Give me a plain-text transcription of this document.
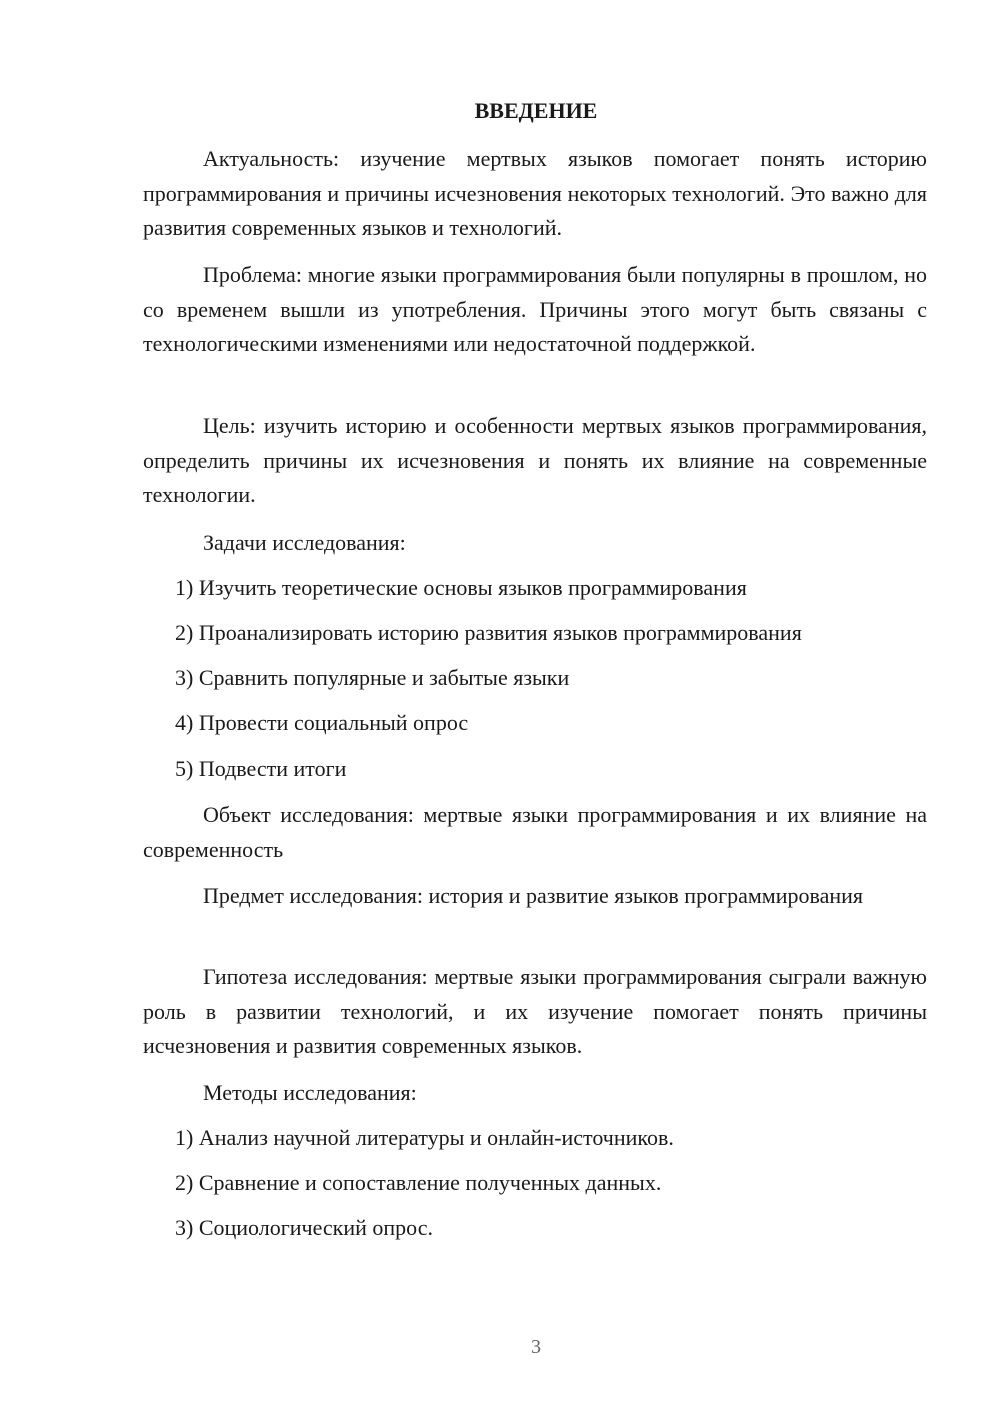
ВВЕДЕНИЕ

Актуальность: изучение мертвых языков помогает понять историю программирования и причины исчезновения некоторых технологий. Это важно для развития современных языков и технологий.

Проблема: многие языки программирования были популярны в прошлом, но со временем вышли из употребления. Причины этого могут быть связаны с технологическими изменениями или недостаточной поддержкой.

Цель: изучить историю и особенности мертвых языков программирования, определить причины их исчезновения и понять их влияние на современные технологии.

Задачи исследования:

1) Изучить теоретические основы языков программирования

2) Проанализировать историю развития языков программирования

3) Сравнить популярные и забытые языки

4) Провести социальный опрос

5) Подвести итоги

Объект исследования: мертвые языки программирования и их влияние на современность

Предмет исследования: история и развитие языков программирования

Гипотеза исследования: мертвые языки программирования сыграли важную роль в развитии технологий, и их изучение помогает понять причины исчезновения и развития современных языков.

Методы исследования:

1) Анализ научной литературы и онлайн-источников.

2) Сравнение и сопоставление полученных данных.

3) Социологический опрос.

3
